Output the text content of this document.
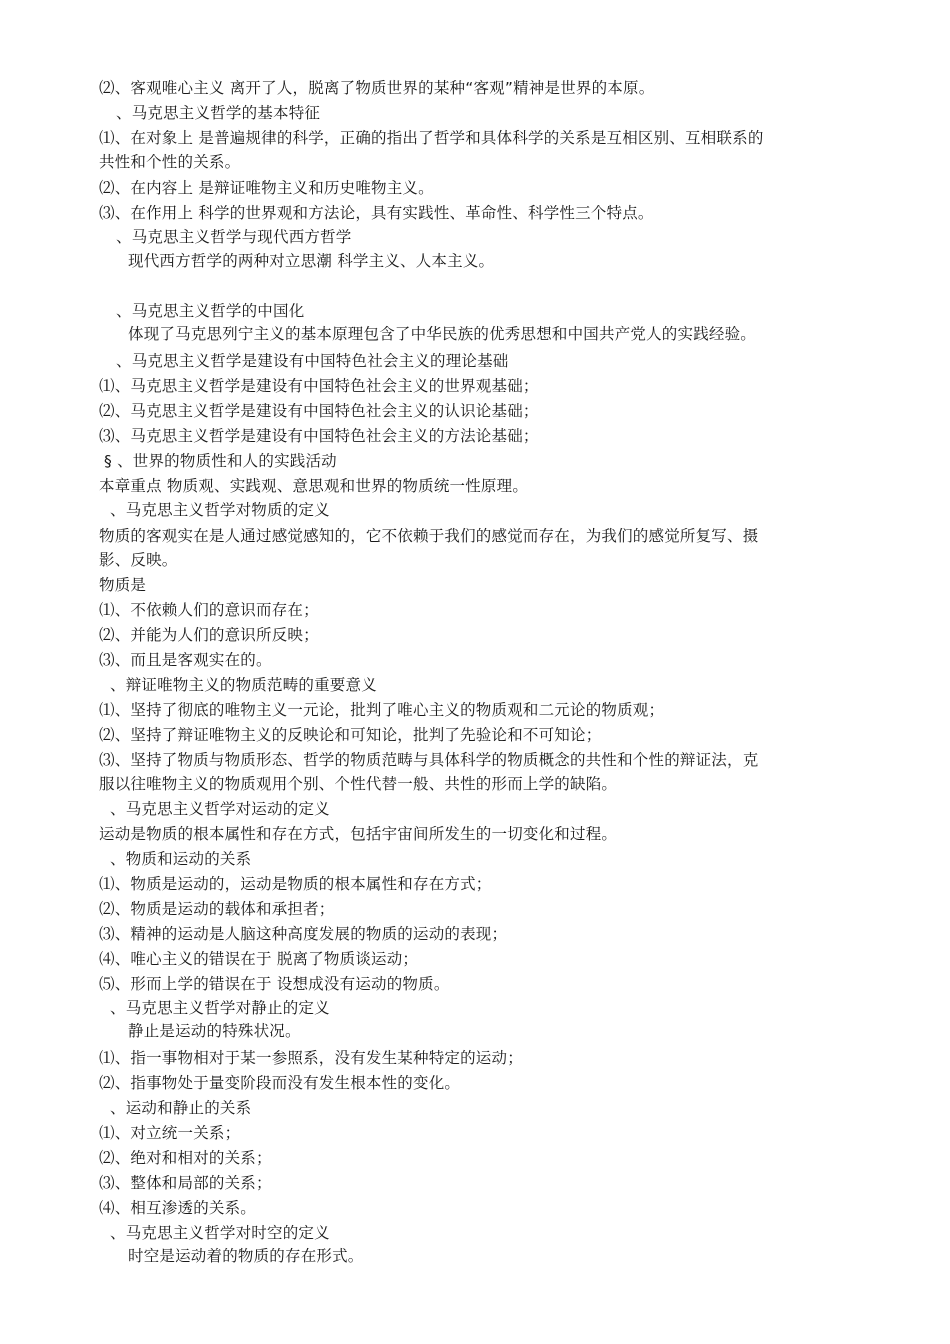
⑵、客观唯心主义 离开了人，脱离了物质世界的某种“客观”精神是世界的本原。
、马克思主义哲学的基本特征
⑴、在对象上 是普遍规律的科学，正确的指出了哲学和具体科学的关系是互相区别、互相联系的
共性和个性的关系。
⑵、在内容上 是辩证唯物主义和历史唯物主义。
⑶、在作用上 科学的世界观和方法论，具有实践性、革命性、科学性三个特点。
、马克思主义哲学与现代西方哲学
现代西方哲学的两种对立思潮 科学主义、人本主义。
、马克思主义哲学的中国化
体现了马克思列宁主义的基本原理包含了中华民族的优秀思想和中国共产党人的实践经验。
、马克思主义哲学是建设有中国特色社会主义的理论基础
⑴、马克思主义哲学是建设有中国特色社会主义的世界观基础；
⑵、马克思主义哲学是建设有中国特色社会主义的认识论基础；
⑶、马克思主义哲学是建设有中国特色社会主义的方法论基础；
§ 、世界的物质性和人的实践活动
本章重点 物质观、实践观、意思观和世界的物质统一性原理。
、马克思主义哲学对物质的定义
物质的客观实在是人通过感觉感知的，它不依赖于我们的感觉而存在，为我们的感觉所复写、摄
影、反映。
物质是
⑴、不依赖人们的意识而存在；
⑵、并能为人们的意识所反映；
⑶、而且是客观实在的。
、辩证唯物主义的物质范畴的重要意义
⑴、坚持了彻底的唯物主义一元论，批判了唯心主义的物质观和二元论的物质观；
⑵、坚持了辩证唯物主义的反映论和可知论，批判了先验论和不可知论；
⑶、坚持了物质与物质形态、哲学的物质范畴与具体科学的物质概念的共性和个性的辩证法，克
服以往唯物主义的物质观用个别、个性代替一般、共性的形而上学的缺陷。
、马克思主义哲学对运动的定义
运动是物质的根本属性和存在方式，包括宇宙间所发生的一切变化和过程。
、物质和运动的关系
⑴、物质是运动的，运动是物质的根本属性和存在方式；
⑵、物质是运动的载体和承担者；
⑶、精神的运动是人脑这种高度发展的物质的运动的表现；
⑷、唯心主义的错误在于 脱离了物质谈运动；
⑸、形而上学的错误在于 设想成没有运动的物质。
、马克思主义哲学对静止的定义
静止是运动的特殊状况。
⑴、指一事物相对于某一参照系，没有发生某种特定的运动；
⑵、指事物处于量变阶段而没有发生根本性的变化。
、运动和静止的关系
⑴、对立统一关系；
⑵、绝对和相对的关系；
⑶、整体和局部的关系；
⑷、相互渗透的关系。
、马克思主义哲学对时空的定义
时空是运动着的物质的存在形式。
